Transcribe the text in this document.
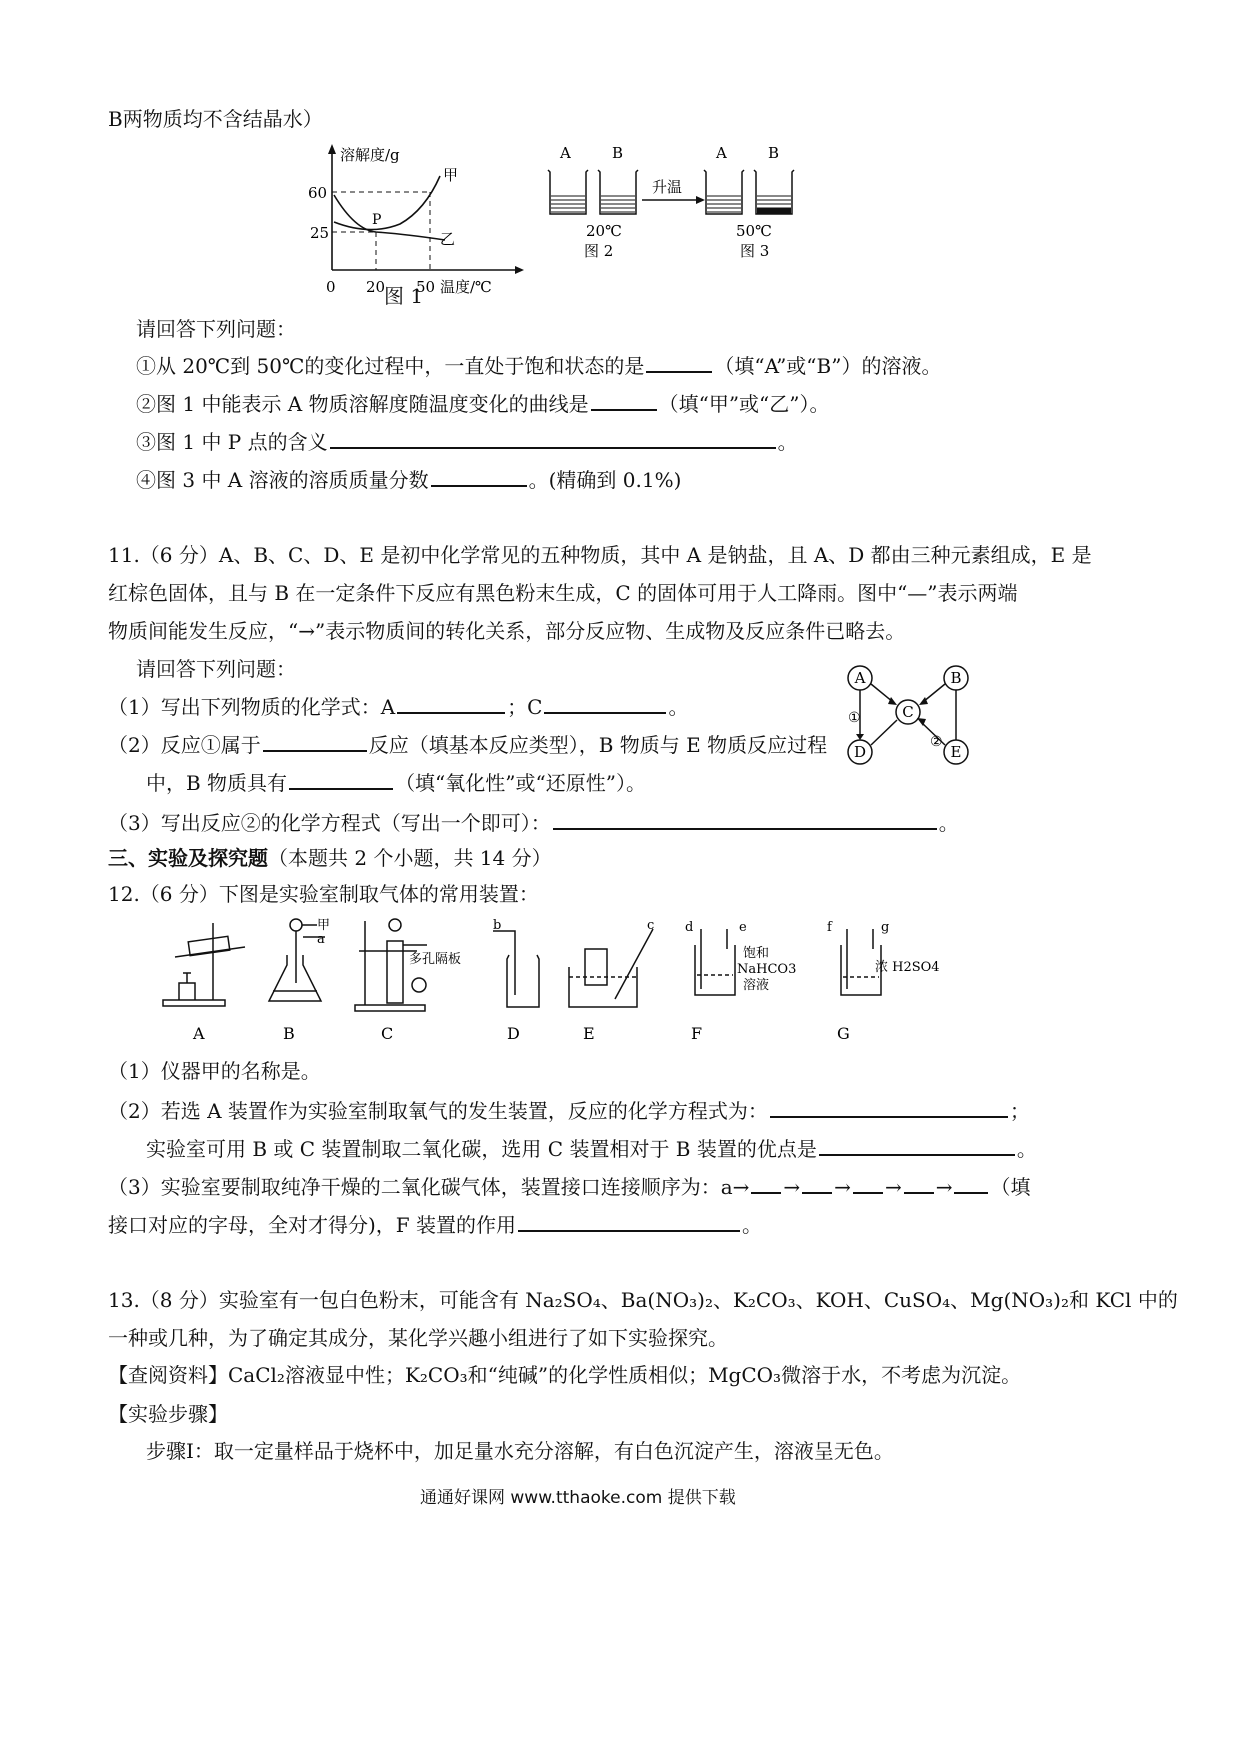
B两物质均不含结晶水）
溶解度/g
60
25
甲
乙
P
0 20 50 温度/℃
图 1
A	B
升温
A	B
20℃	50℃
图 2	图 3
请回答下列问题：
①从 20℃到 50℃的变化过程中，一直处于饱和状态的是	（填“A”或“B”）的溶液。
②图 1 中能表示 A 物质溶解度随温度变化的曲线是	（填“甲”或“乙”）。
③图 1 中 P 点的含义	。
④图 3 中 A 溶液的溶质质量分数	。(精确到 0.1%)
11.（6 分）A、B、C、D、E 是初中化学常见的五种物质，其中 A 是钠盐，且 A、D 都由三种元素组成，E 是
红棕色固体，且与 B 在一定条件下反应有黑色粉末生成，C 的固体可用于人工降雨。图中“—”表示两端
物质间能发生反应，“→”表示物质间的转化关系，部分反应物、生成物及反应条件已略去。
请回答下列问题：
（1）写出下列物质的化学式：A	；C	。
（2）反应①属于	反应（填基本反应类型），B 物质与 E 物质反应过程
中，B 物质具有	（填“氧化性”或“还原性”）。
（3）写出反应②的化学方程式（写出一个即可）：	。
A	B
C
D	E
①
②
三、实验及探究题（本题共 2 个小题，共 14 分）
12.（6 分）下图是实验室制取气体的常用装置：
甲
a
多孔隔板
b	c d	e
饱和
NaHCO3
溶液
f	g
浓 H2SO4
A	B	C	D	E	F	G
（1）仪器甲的名称是。
（2）若选 A 装置作为实验室制取氧气的发生装置，反应的化学方程式为：	；
实验室可用 B 或 C 装置制取二氧化碳，选用 C 装置相对于 B 装置的优点是	。
（3）实验室要制取纯净干燥的二氧化碳气体，装置接口连接顺序为：a→ → → → → （填
接口对应的字母，全对才得分)，F 装置的作用	。
13.（8 分）实验室有一包白色粉末，可能含有 Na₂SO₄、Ba(NO₃)₂、K₂CO₃、KOH、CuSO₄、Mg(NO₃)₂和 KCl 中的
一种或几种，为了确定其成分，某化学兴趣小组进行了如下实验探究。
【查阅资料】CaCl₂溶液显中性；K₂CO₃和“纯碱”的化学性质相似；MgCO₃微溶于水，不考虑为沉淀。
【实验步骤】
步骤Ⅰ：取一定量样品于烧杯中，加足量水充分溶解，有白色沉淀产生，溶液呈无色。
通通好课网 www.tthaoke.com 提供下载
